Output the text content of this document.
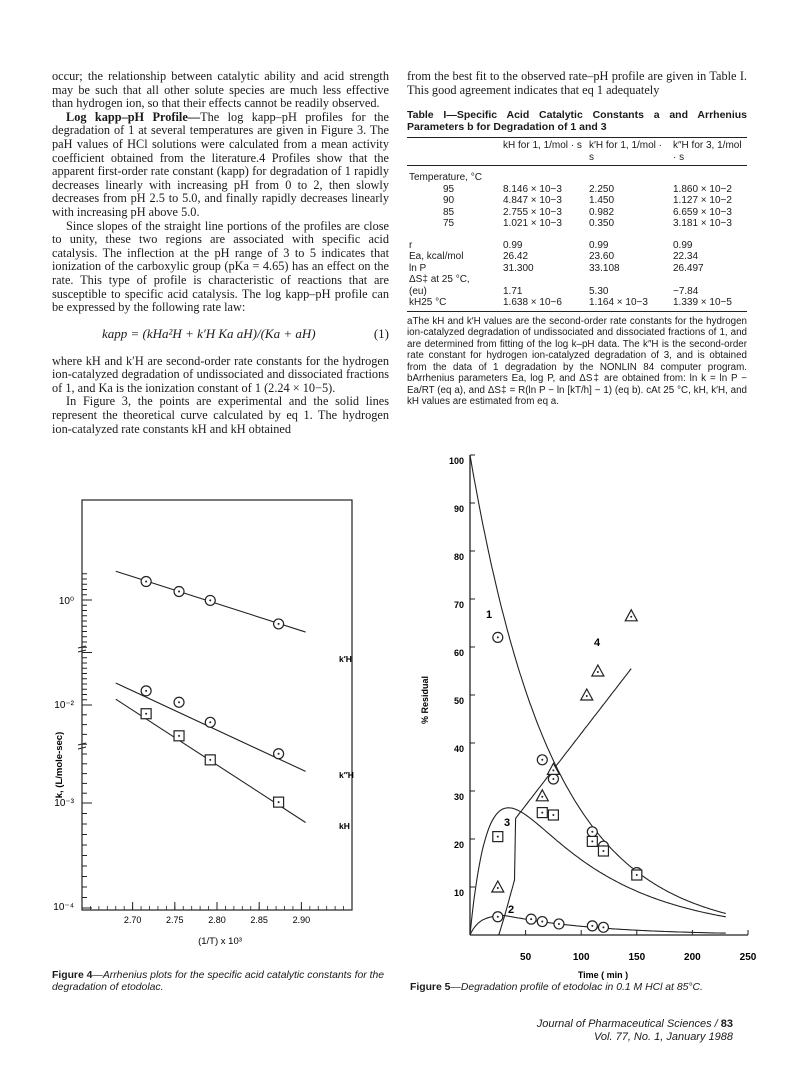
occur; the relationship between catalytic ability and acid strength may be such that all other solute species are much less effective than hydrogen ion, so that their effects cannot be readily observed.

Log kapp–pH Profile—The log kapp–pH profiles for the degradation of 1 at several temperatures are given in Figure 3. The paH values of HCl solutions were calculated from a mean activity coefficient obtained from the literature.4 Profiles show that the apparent first-order rate constant (kapp) for degradation of 1 rapidly decreases linearly with increasing pH from 0 to 2, then slowly decreases from pH 2.5 to 5.0, and finally rapidly decreases linearly with increasing pH above 5.0.

Since slopes of the straight line portions of the profiles are close to unity, these two regions are associated with specific acid catalysis. The inflection at the pH range of 3 to 5 indicates that ionization of the carboxylic group (pKa = 4.65) has an effect on the rate. This type of profile is characteristic of reactions that are susceptible to specific acid catalysis. The log kapp–pH profile can be expressed by the following rate law:

kapp = (kHa²H + k′H Ka aH)/(Ka + aH)	(1)

where kH and k′H are second-order rate constants for the hydrogen ion-catalyzed degradation of undissociated and dissociated fractions of 1, and Ka is the ionization constant of 1 (2.24 × 10−5).

In Figure 3, the points are experimental and the solid lines represent the theoretical curve calculated by eq 1. The hydrogen ion-catalyzed rate constants kH and kH obtained

from the best fit to the observed rate–pH profile are given in Table I. This good agreement indicates that eq 1 adequately

Table I—Specific Acid Catalytic Constants a and Arrhenius Parameters b for Degradation of 1 and 3
	kH for 1, 1/mol · s	k′H for 1, 1/mol · s	k″H for 3, 1/mol · s
Temperature, °C			
95	8.146 × 10−3	2.250	1.860 × 10−2
90	4.847 × 10−3	1.450	1.127 × 10−2
85	2.755 × 10−3	0.982	6.659 × 10−3
75	1.021 × 10−3	0.350	3.181 × 10−3
r	0.99	0.99	0.99
Ea, kcal/mol	26.42	23.60	22.34
ln P	31.300	33.108	26.497
ΔS‡ at 25 °C,			
(eu)	1.71	5.30	−7.84
kH25 °C	1.638 × 10−6	1.164 × 10−3	1.339 × 10−5
aThe kH and k′H values are the second-order rate constants for the hydrogen ion-catalyzed degradation of undissociated and dissociated fractions of 1, and are determined from fitting of the log k–pH data. The k″H is the second-order rate constant for hydrogen ion-catalyzed degradation of 3, and is obtained from the data of 1 degradation by the NONLIN 84 computer program. bArrhenius parameters Ea, log P, and ΔS‡ are obtained from: ln k = ln P − Ea/RT (eq a), and ΔS‡ = R(ln P − ln [kT/h] − 1) (eq b). cAt 25 °C, kH, k′H, and kH values are estimated from eq a.
10⁰
10⁻²
10⁻³
10⁻⁴
k, (L/mole-sec)
2.70	2.75	2.80	2.85	2.90
(1/T) x 10³
k′H
k″H
kH
Figure 4—Arrhenius plots for the specific acid catalytic constants for the degradation of etodolac.
100
90
80
70
60
50
40
30
20
10
% Residual
50	100	150	200	250
Time ( min )
1
2
3
4
Figure 5—Degradation profile of etodolac in 0.1 M HCl at 85°C.
Journal of Pharmaceutical Sciences / 83
Vol. 77, No. 1, January 1988
